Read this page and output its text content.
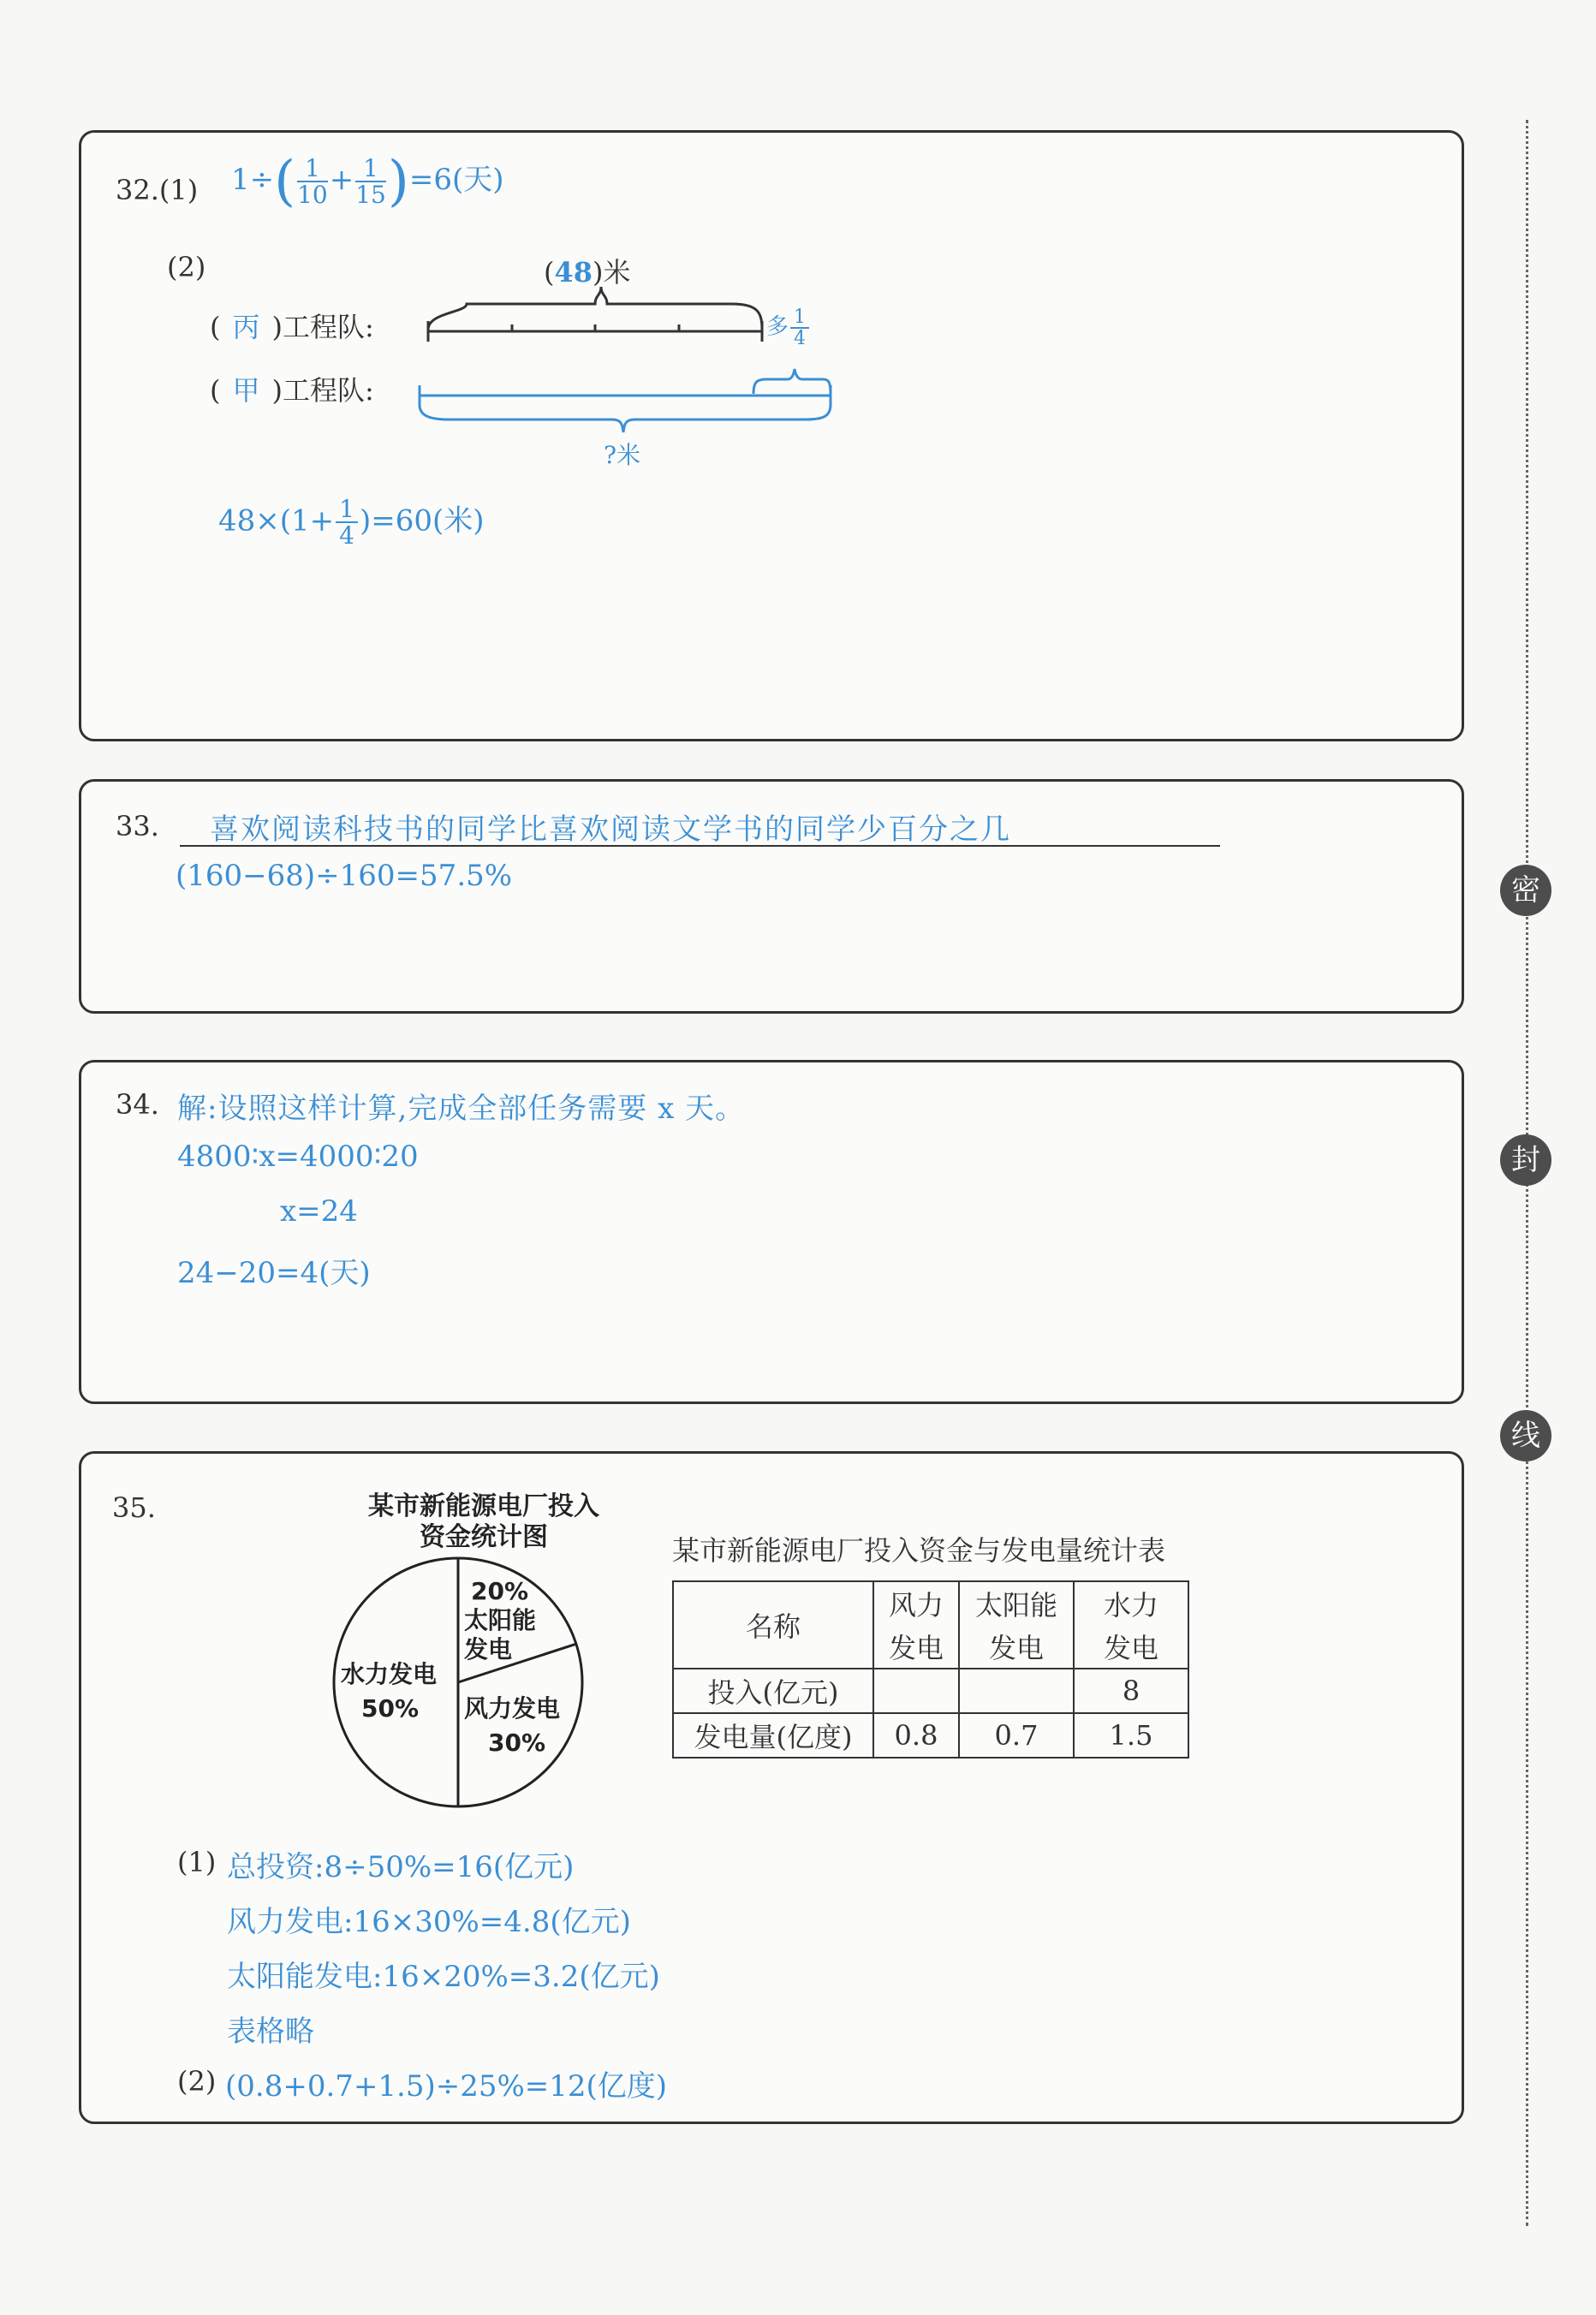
密
封
线
32.(1) $1\div( \frac{1}{10} + \frac{1}{15} )=6$(天)
(2)	(48)米
( 丙 )工程队:
( 甲 )工程队:
多 $\frac{1}{4}$
?米
$48\times(1+ \frac{1}{4} )=60$(米)
33. 喜欢阅读科技书的同学比喜欢阅读文学书的同学少百分之几
(160−68)÷160=57.5%
34. 解:设照这样计算,完成全部任务需要 x 天。
4800∶x=4000∶20
x=24
24−20=4(天)
35.	某市新能源电厂投入
资金统计图	某市新能源电厂投入资金与发电量统计表
水力发电
50%
20%
太阳能
发电
风力发电
30%
名称	风力	太阳能	水力
	发电	发电	发电
投入(亿元)			8
发电量(亿度)	0.8	0.7	1.5
(1) 总投资:8÷50%=16(亿元)
风力发电:16×30%=4.8(亿元)
太阳能发电:16×20%=3.2(亿元)
表格略
(2) (0.8+0.7+1.5)÷25%=12(亿度)
